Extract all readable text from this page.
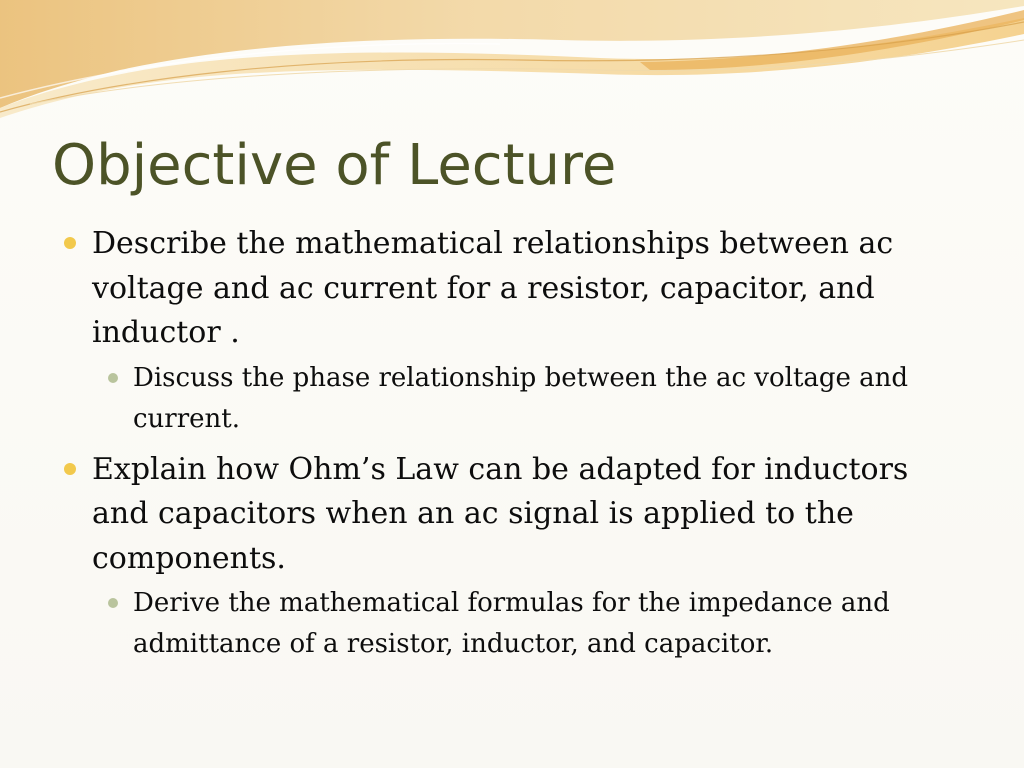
Objective of Lecture
Describe the mathematical relationships between ac voltage and ac current for a resistor, capacitor, and inductor .
Discuss the phase relationship between the ac voltage and current.
Explain how Ohm’s Law can be adapted for inductors and capacitors when an ac signal is applied to the components.
Derive the mathematical formulas for the impedance and admittance of a resistor, inductor, and capacitor.
